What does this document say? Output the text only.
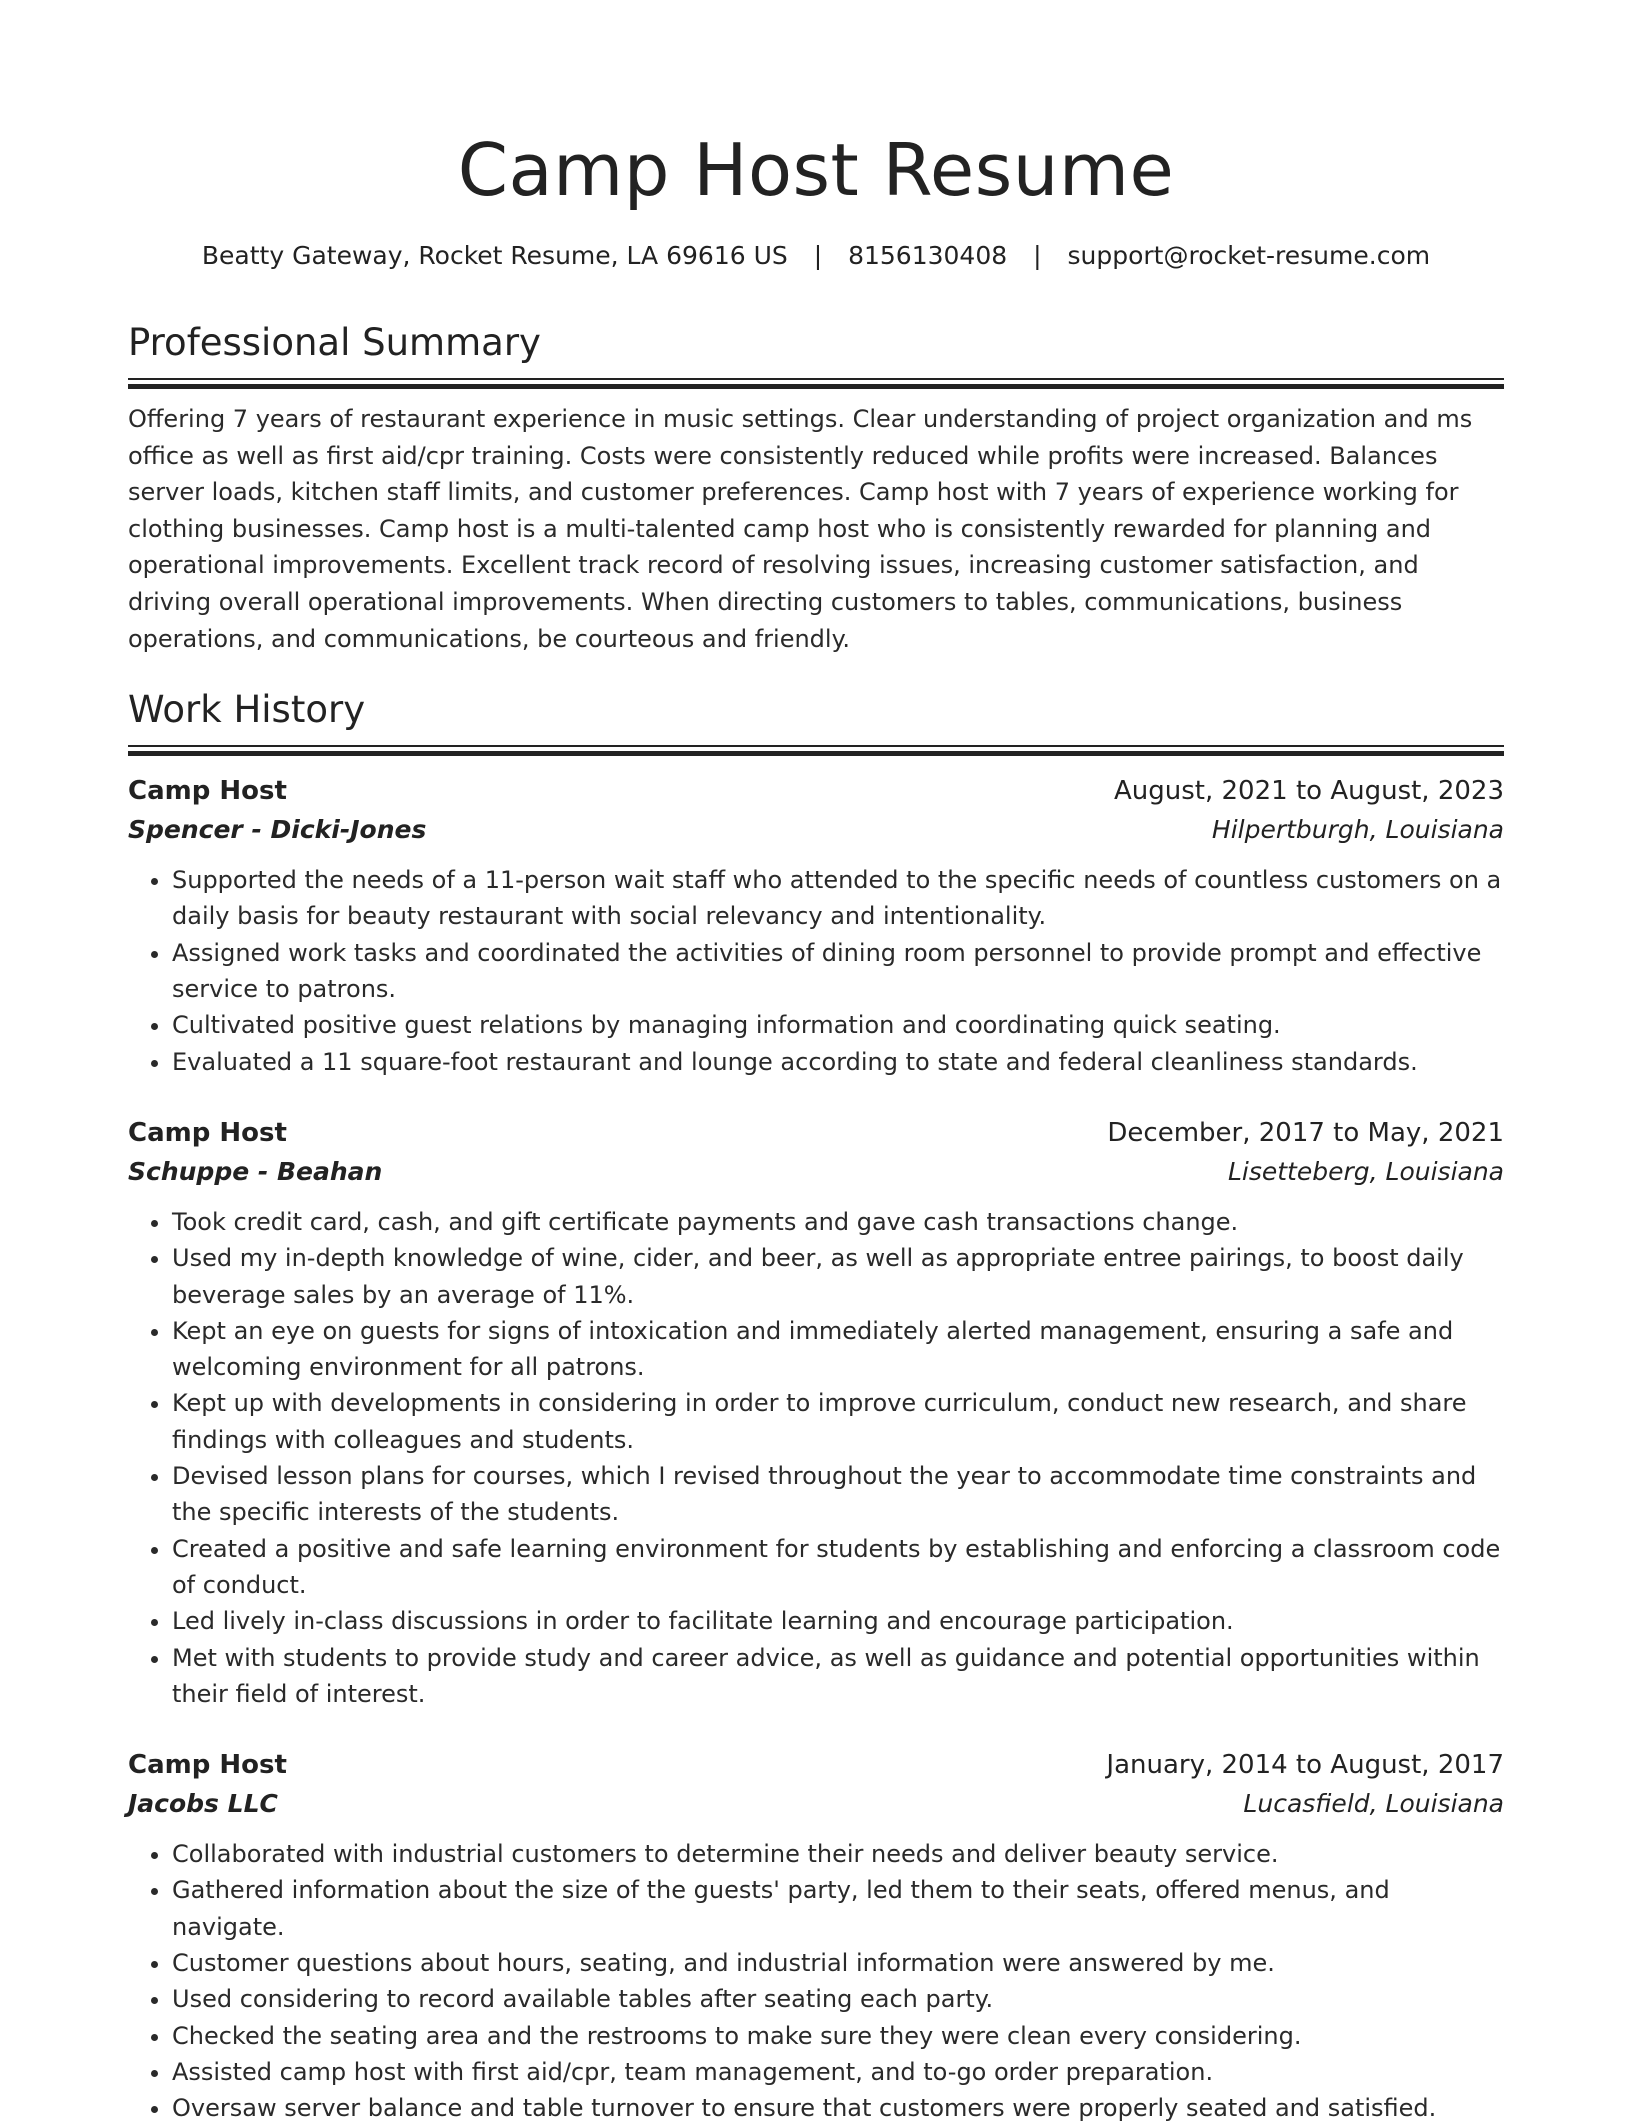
Camp Host Resume
Beatty Gateway, Rocket Resume, LA 69616 US | 8156130408 | support@rocket-resume.com
Professional Summary

Offering 7 years of restaurant experience in music settings. Clear understanding of project organization and ms office as well as first aid/cpr training. Costs were consistently reduced while profits were increased. Balances server loads, kitchen staff limits, and customer preferences. Camp host with 7 years of experience working for clothing businesses. Camp host is a multi-talented camp host who is consistently rewarded for planning and operational improvements. Excellent track record of resolving issues, increasing customer satisfaction, and driving overall operational improvements. When directing customers to tables, communications, business operations, and communications, be courteous and friendly.

Work History
Camp Host	August, 2021 to August, 2023
Spencer - Dicki-Jones	Hilpertburgh, Louisiana
• Supported the needs of a 11-person wait staff who attended to the specific needs of countless customers on a daily basis for beauty restaurant with social relevancy and intentionality.
• Assigned work tasks and coordinated the activities of dining room personnel to provide prompt and effective service to patrons.
• Cultivated positive guest relations by managing information and coordinating quick seating.
• Evaluated a 11 square-foot restaurant and lounge according to state and federal cleanliness standards.
Camp Host	December, 2017 to May, 2021
Schuppe - Beahan	Lisetteberg, Louisiana
• Took credit card, cash, and gift certificate payments and gave cash transactions change.
• Used my in-depth knowledge of wine, cider, and beer, as well as appropriate entree pairings, to boost daily beverage sales by an average of 11%.
• Kept an eye on guests for signs of intoxication and immediately alerted management, ensuring a safe and welcoming environment for all patrons.
• Kept up with developments in considering in order to improve curriculum, conduct new research, and share findings with colleagues and students.
• Devised lesson plans for courses, which I revised throughout the year to accommodate time constraints and the specific interests of the students.
• Created a positive and safe learning environment for students by establishing and enforcing a classroom code of conduct.
• Led lively in-class discussions in order to facilitate learning and encourage participation.
• Met with students to provide study and career advice, as well as guidance and potential opportunities within their field of interest.
Camp Host	January, 2014 to August, 2017
Jacobs LLC	Lucasfield, Louisiana
• Collaborated with industrial customers to determine their needs and deliver beauty service.
• Gathered information about the size of the guests' party, led them to their seats, offered menus, and navigate.
• Customer questions about hours, seating, and industrial information were answered by me.
• Used considering to record available tables after seating each party.
• Checked the seating area and the restrooms to make sure they were clean every considering.
• Assisted camp host with first aid/cpr, team management, and to-go order preparation.
• Oversaw server balance and table turnover to ensure that customers were properly seated and satisfied.
